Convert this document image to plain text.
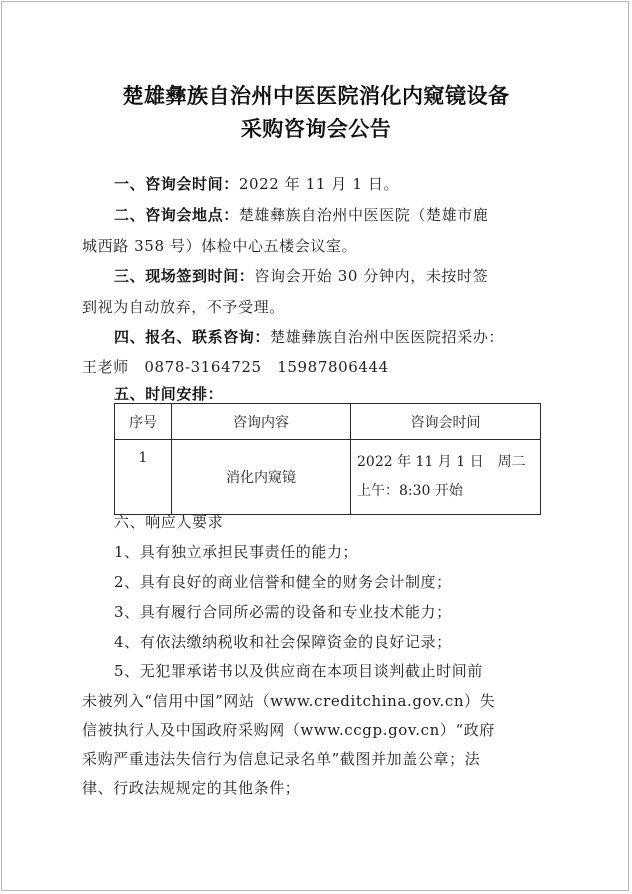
楚雄彝族自治州中医医院消化内窥镜设备
采购咨询会公告
一、咨询会时间：2022 年 11 月 1 日。
二、咨询会地点：楚雄彝族自治州中医医院（楚雄市鹿
城西路 358 号）体检中心五楼会议室。
三、现场签到时间：咨询会开始 30 分钟内，未按时签
到视为自动放弃，不予受理。
四、报名、联系咨询：楚雄彝族自治州中医医院招采办：
王老师　0878-3164725　15987806444
五、时间安排：
序号	咨询内容	咨询会时间
1	消化内窥镜	2022 年 11 月 1 日　周二
上午：8:30 开始
六、响应人要求
1、具有独立承担民事责任的能力；
2、具有良好的商业信誉和健全的财务会计制度；
3、具有履行合同所必需的设备和专业技术能力；
4、有依法缴纳税收和社会保障资金的良好记录；
5、无犯罪承诺书以及供应商在本项目谈判截止时间前
未被列入“信用中国”网站（www.creditchina.gov.cn）失
信被执行人及中国政府采购网（www.ccgp.gov.cn）“政府
采购严重违法失信行为信息记录名单”截图并加盖公章；法
律、行政法规规定的其他条件；
